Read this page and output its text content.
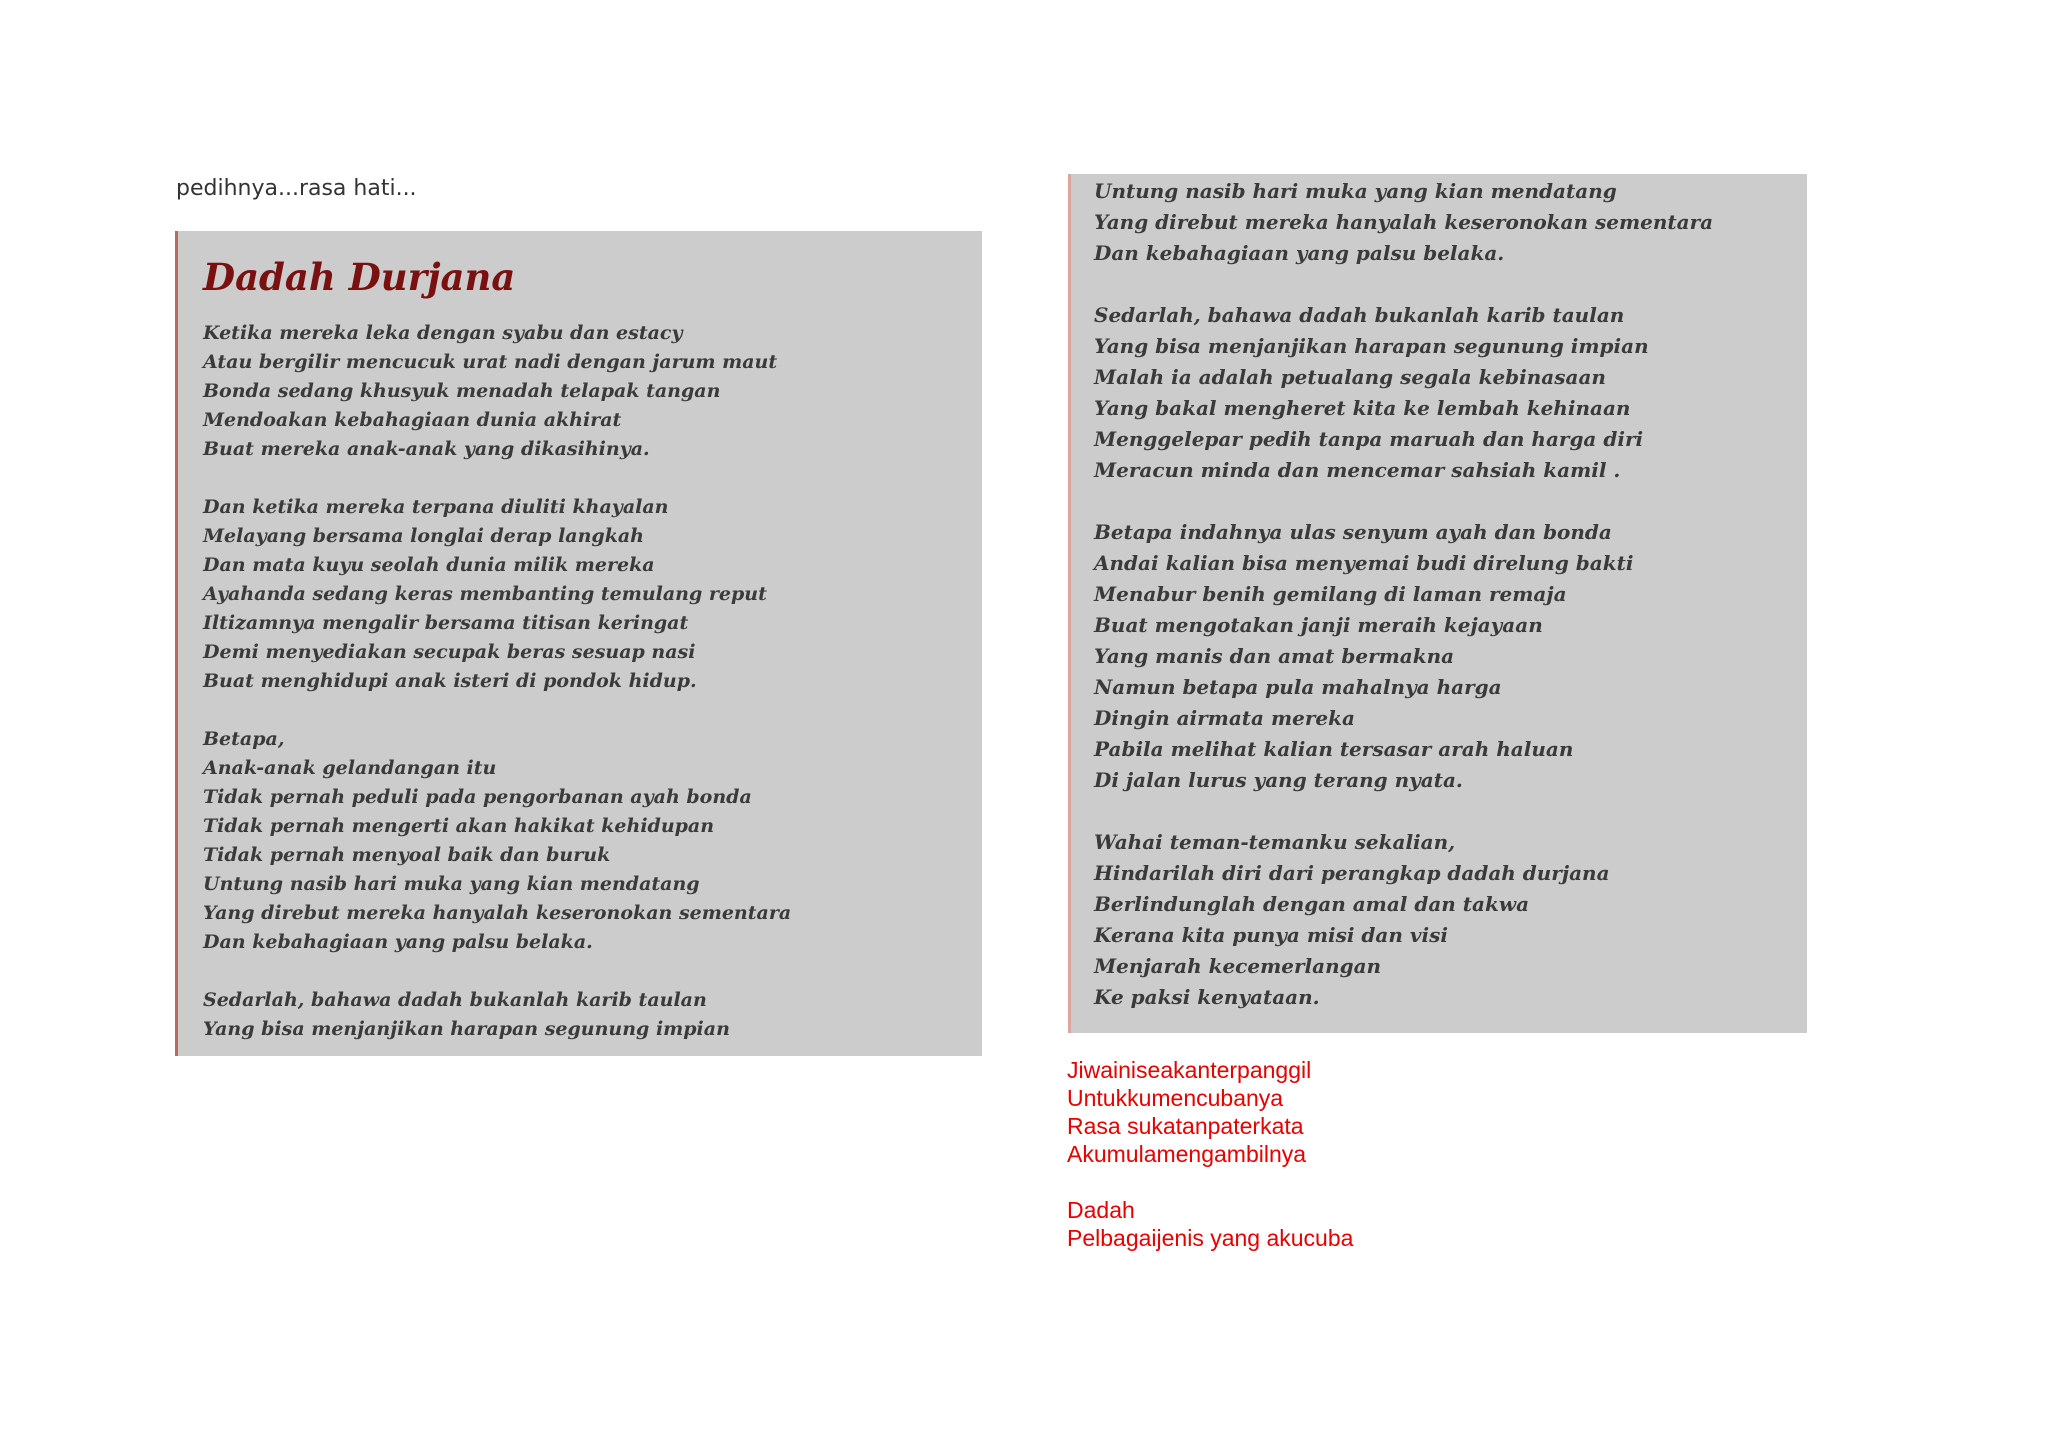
pedihnya...rasa hati...

Dadah Durjana
Ketika mereka leka dengan syabu dan estacy
Atau bergilir mencucuk urat nadi dengan jarum maut
Bonda sedang khusyuk menadah telapak tangan
Mendoakan kebahagiaan dunia akhirat
Buat mereka anak-anak yang dikasihinya.
Dan ketika mereka terpana diuliti khayalan
Melayang bersama longlai derap langkah
Dan mata kuyu seolah dunia milik mereka
Ayahanda sedang keras membanting temulang reput
Iltizamnya mengalir bersama titisan keringat
Demi menyediakan secupak beras sesuap nasi
Buat menghidupi anak isteri di pondok hidup.
Betapa,
Anak-anak gelandangan itu
Tidak pernah peduli pada pengorbanan ayah bonda
Tidak pernah mengerti akan hakikat kehidupan
Tidak pernah menyoal baik dan buruk
Untung nasib hari muka yang kian mendatang
Yang direbut mereka hanyalah keseronokan sementara
Dan kebahagiaan yang palsu belaka.
Sedarlah, bahawa dadah bukanlah karib taulan
Yang bisa menjanjikan harapan segunung impian
Untung nasib hari muka yang kian mendatang
Yang direbut mereka hanyalah keseronokan sementara
Dan kebahagiaan yang palsu belaka.
Sedarlah, bahawa dadah bukanlah karib taulan
Yang bisa menjanjikan harapan segunung impian
Malah ia adalah petualang segala kebinasaan
Yang bakal mengheret kita ke lembah kehinaan
Menggelepar pedih tanpa maruah dan harga diri
Meracun minda dan mencemar sahsiah kamil .
Betapa indahnya ulas senyum ayah dan bonda
Andai kalian bisa menyemai budi direlung bakti
Menabur benih gemilang di laman remaja
Buat mengotakan janji meraih kejayaan
Yang manis dan amat bermakna
Namun betapa pula mahalnya harga
Dingin airmata mereka
Pabila melihat kalian tersasar arah haluan
Di jalan lurus yang terang nyata.
Wahai teman-temanku sekalian,
Hindarilah diri dari perangkap dadah durjana
Berlindunglah dengan amal dan takwa
Kerana kita punya misi dan visi
Menjarah kecemerlangan
Ke paksi kenyataan.
Jiwainiseakanterpanggil
Untukkumencubanya
Rasa sukatanpaterkata
Akumulamengambilnya
Dadah
Pelbagaijenis yang akucuba
